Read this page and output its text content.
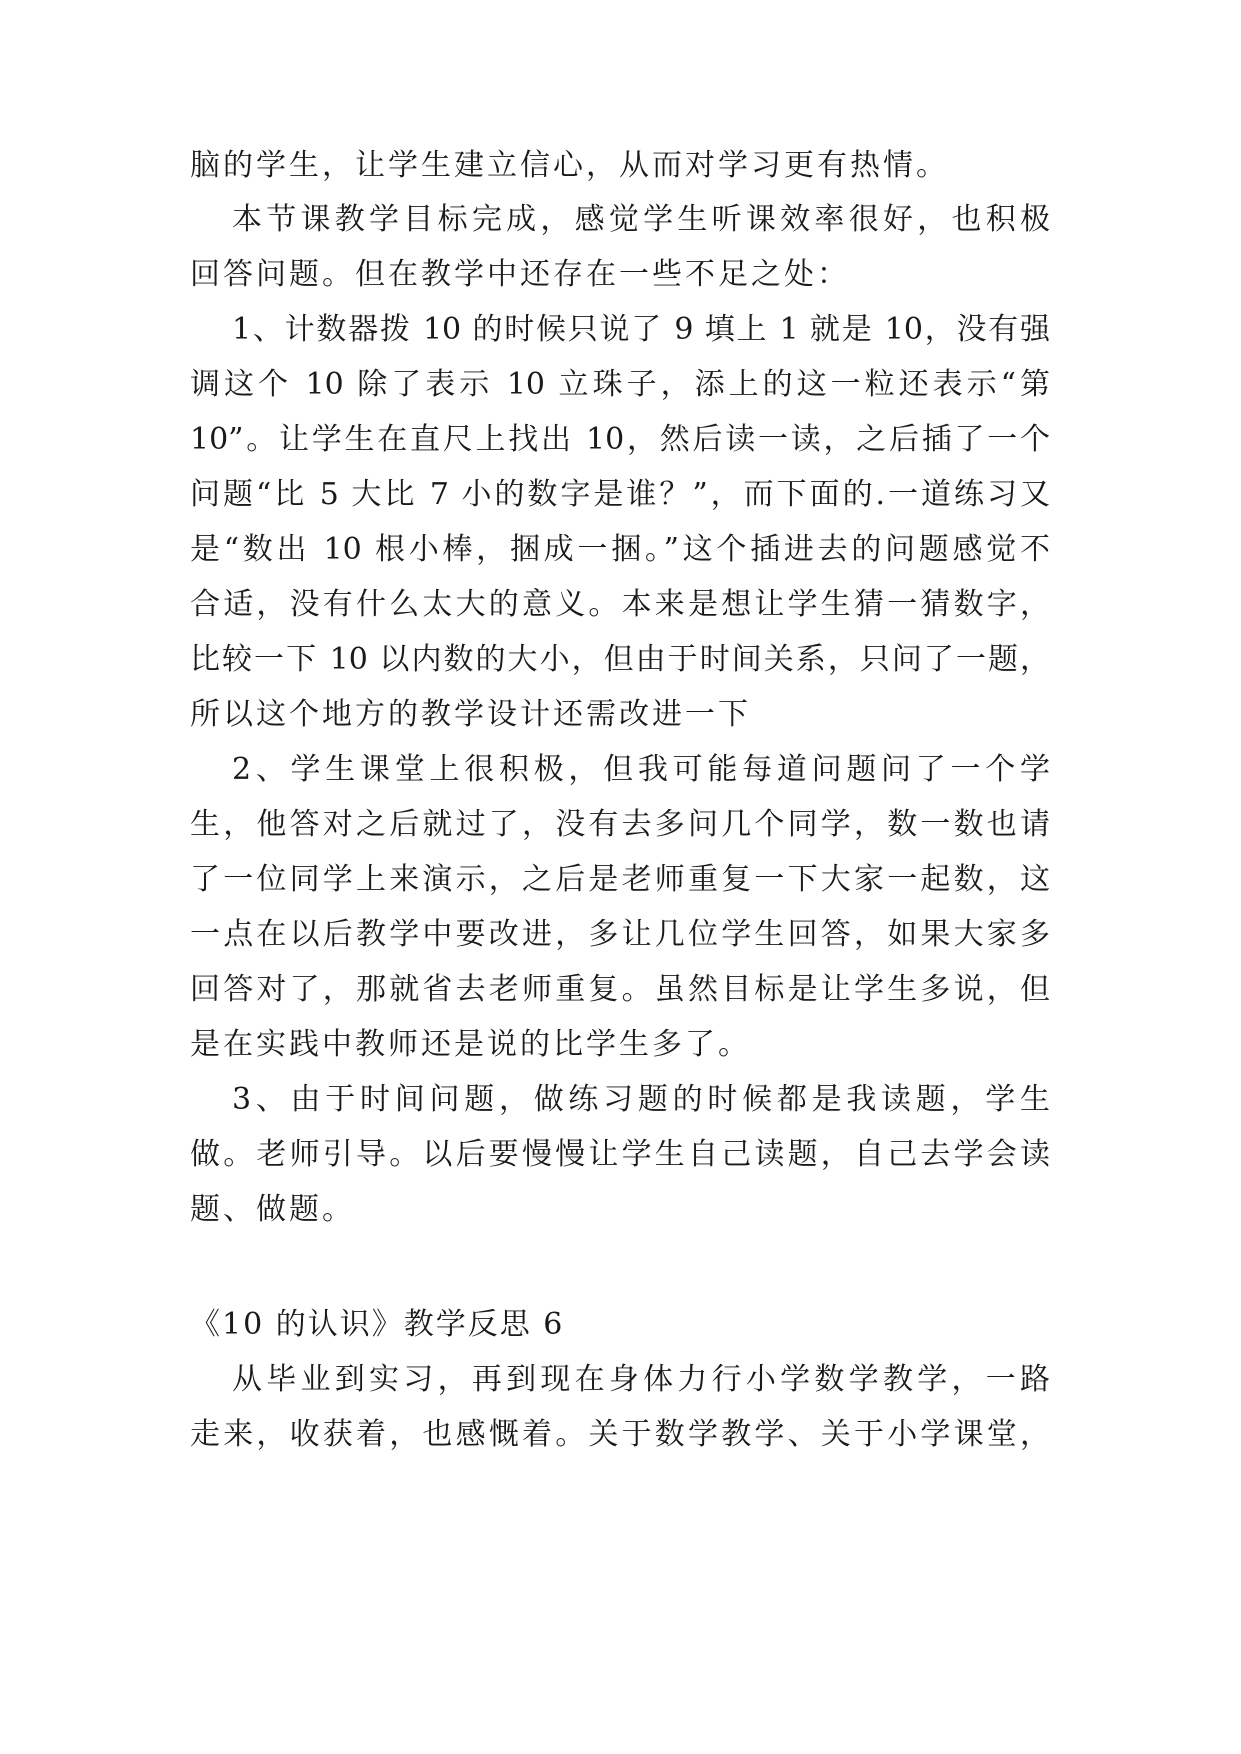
脑的学生，让学生建立信心，从而对学习更有热情。
本节课教学目标完成，感觉学生听课效率很好，也积极
回答问题。但在教学中还存在一些不足之处：
1、计数器拨 10 的时候只说了 9 填上 1 就是 10，没有强
调这个 10 除了表示 10 立珠子，添上的这一粒还表示“第
10”。让学生在直尺上找出 10，然后读一读，之后插了一个
问题“比 5 大比 7 小的数字是谁？”，而下面的.一道练习又
是“数出 10 根小棒，捆成一捆。”这个插进去的问题感觉不
合适，没有什么太大的意义。本来是想让学生猜一猜数字，
比较一下 10 以内数的大小，但由于时间关系，只问了一题，
所以这个地方的教学设计还需改进一下
2、学生课堂上很积极，但我可能每道问题问了一个学
生，他答对之后就过了，没有去多问几个同学，数一数也请
了一位同学上来演示，之后是老师重复一下大家一起数，这
一点在以后教学中要改进，多让几位学生回答，如果大家多
回答对了，那就省去老师重复。虽然目标是让学生多说，但
是在实践中教师还是说的比学生多了。
3、由于时间问题，做练习题的时候都是我读题，学生
做。老师引导。以后要慢慢让学生自己读题，自己去学会读
题、做题。
《10 的认识》教学反思 6
从毕业到实习，再到现在身体力行小学数学教学，一路
走来，收获着，也感慨着。关于数学教学、关于小学课堂，
